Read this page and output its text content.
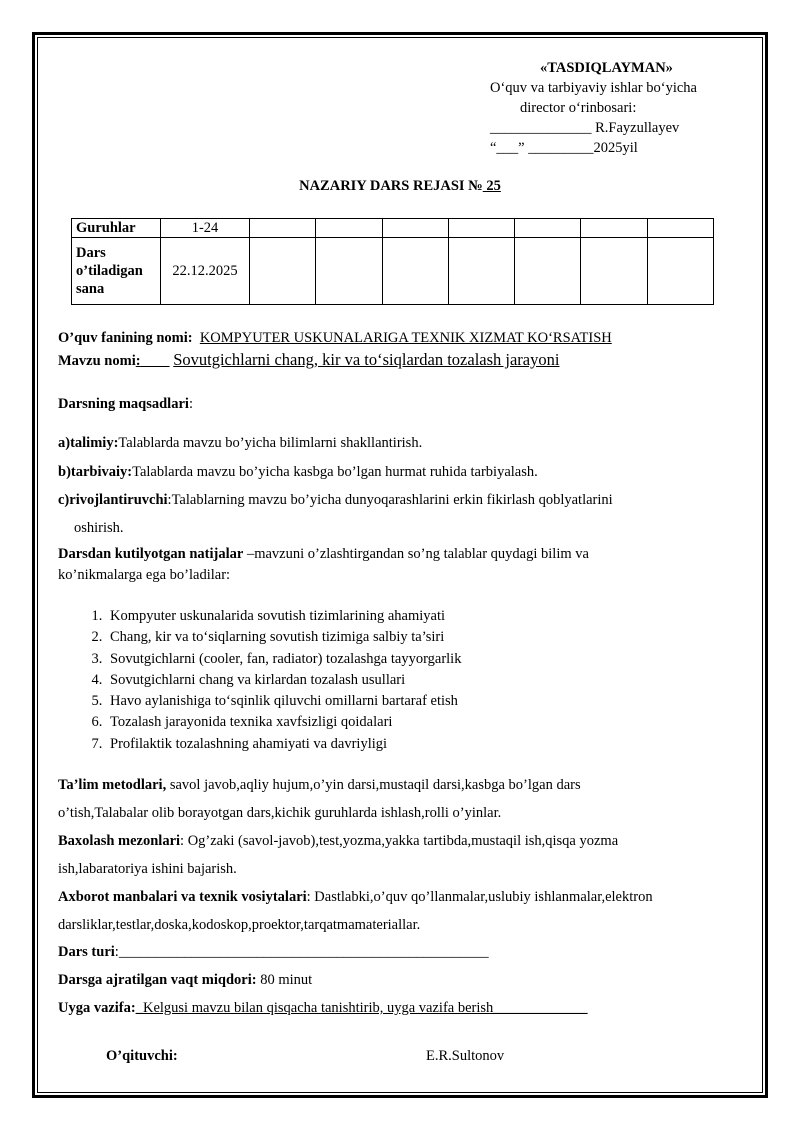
«TASDIQLAYMAN»
O‘quv va tarbiyaviy ishlar bo‘yicha
director o‘rinbosari:
______________ R.Fayzullayev
“___” _________2025yil
NAZARIY DARS REJASI № 25
Guruhlar	1-24							
Dars o’tiladigan sana	22.12.2025							
O’quv fanining nomi: KOMPYUTER USKUNALARIGA TEXNIK XIZMAT KO‘RSATISH
Mavzu nomi: Sovutgichlarni chang, kir va to‘siqlardan tozalash jarayoni
Darsning maqsadlari:
a)talimiy:Talablarda mavzu bo’yicha bilimlarni shakllantirish.
b)tarbivaiy:Talablarda mavzu bo’yicha kasbga bo’lgan hurmat ruhida tarbiyalash.
c)rivojlantiruvchi:Talablarning mavzu bo’yicha dunyoqarashlarini erkin fikirlash qoblyatlarini
oshirish.
Darsdan kutilyotgan natijalar –mavzuni o’zlashtirgandan so’ng talablar quydagi bilim va
ko’nikmalarga ega bo’ladilar:
1. Kompyuter uskunalarida sovutish tizimlarining ahamiyati
2. Chang, kir va to‘siqlarning sovutish tizimiga salbiy ta’siri
3. Sovutgichlarni (cooler, fan, radiator) tozalashga tayyorgarlik
4. Sovutgichlarni chang va kirlardan tozalash usullari
5. Havo aylanishiga to‘sqinlik qiluvchi omillarni bartaraf etish
6. Tozalash jarayonida texnika xavfsizligi qoidalari
7. Profilaktik tozalashning ahamiyati va davriyligi
Ta’lim metodlari, savol javob,aqliy hujum,o’yin darsi,mustaqil darsi,kasbga bo’lgan dars
o’tish,Talabalar olib borayotgan dars,kichik guruhlarda ishlash,rolli o’yinlar.
Baxolash mezonlari: Og’zaki (savol-javob),test,yozma,yakka tartibda,mustaqil ish,qisqa yozma
ish,labaratoriya ishini bajarish.
Axborot manbalari va texnik vosiytalari: Dastlabki,o’quv qo’llanmalar,uslubiy ishlanmalar,elektron
darsliklar,testlar,doska,kodoskop,proektor,tarqatmamateriallar.
Dars turi:___________________________________________________
Darsga ajratilgan vaqt miqdori: 80 minut
Uyga vazifa:_Kelgusi mavzu bilan qisqacha tanishtirib, uyga vazifa berish_____________
O’qituvchi:	E.R.Sultonov
